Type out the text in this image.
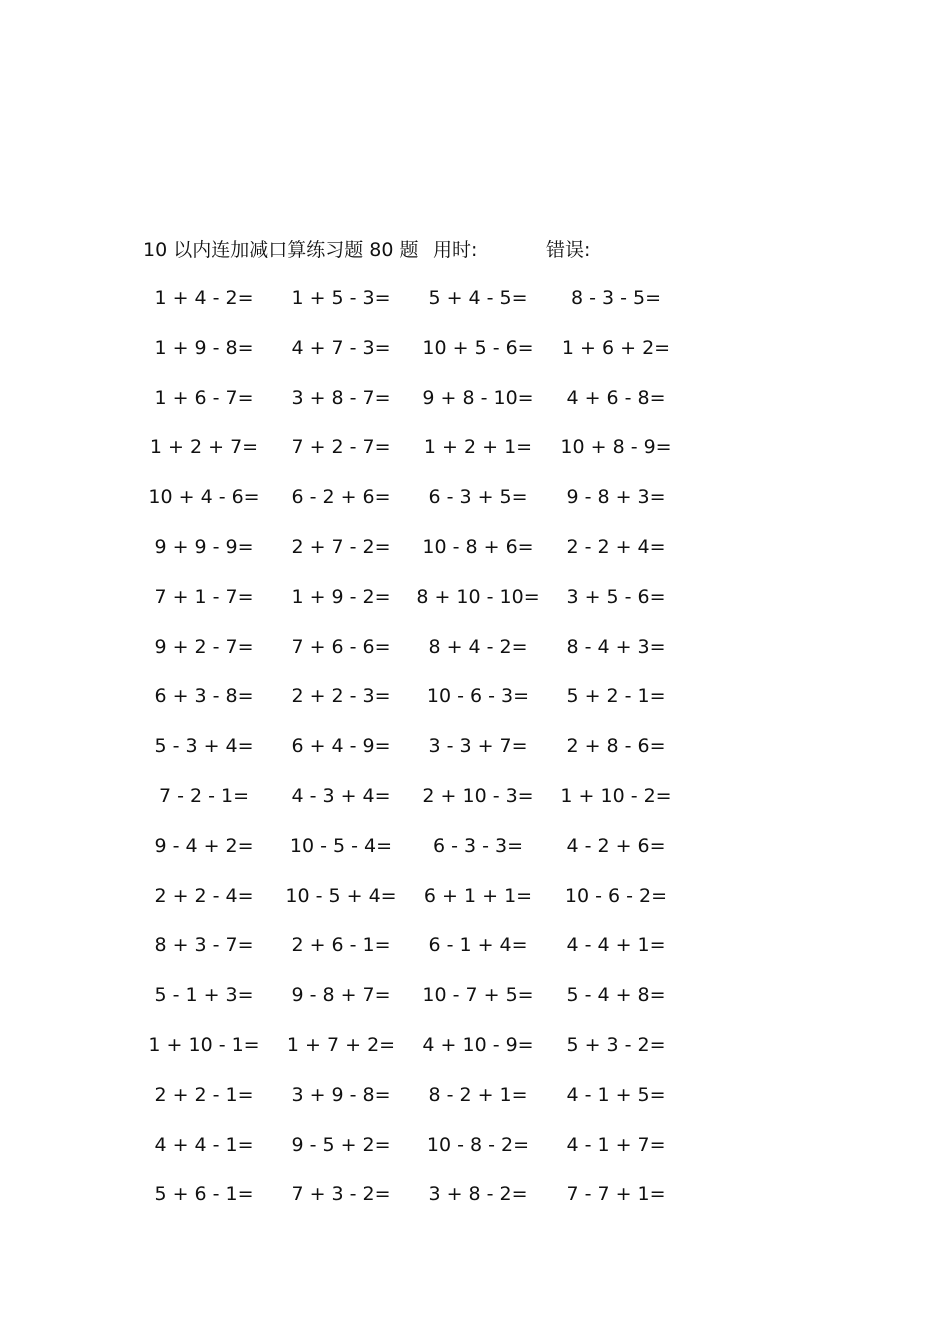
10 以内连加减口算练习题 80 题 用时:	错误:
1 + 4 - 2=	1 + 5 - 3=	5 + 4 - 5=	8 - 3 - 5=
1 + 9 - 8=	4 + 7 - 3=	10 + 5 - 6=	1 + 6 + 2=
1 + 6 - 7=	3 + 8 - 7=	9 + 8 - 10=	4 + 6 - 8=
1 + 2 + 7=	7 + 2 - 7=	1 + 2 + 1=	10 + 8 - 9=
10 + 4 - 6=	6 - 2 + 6=	6 - 3 + 5=	9 - 8 + 3=
9 + 9 - 9=	2 + 7 - 2=	10 - 8 + 6=	2 - 2 + 4=
7 + 1 - 7=	1 + 9 - 2=	8 + 10 - 10=	3 + 5 - 6=
9 + 2 - 7=	7 + 6 - 6=	8 + 4 - 2=	8 - 4 + 3=
6 + 3 - 8=	2 + 2 - 3=	10 - 6 - 3=	5 + 2 - 1=
5 - 3 + 4=	6 + 4 - 9=	3 - 3 + 7=	2 + 8 - 6=
7 - 2 - 1=	4 - 3 + 4=	2 + 10 - 3=	1 + 10 - 2=
9 - 4 + 2=	10 - 5 - 4=	6 - 3 - 3=	4 - 2 + 6=
2 + 2 - 4=	10 - 5 + 4=	6 + 1 + 1=	10 - 6 - 2=
8 + 3 - 7=	2 + 6 - 1=	6 - 1 + 4=	4 - 4 + 1=
5 - 1 + 3=	9 - 8 + 7=	10 - 7 + 5=	5 - 4 + 8=
1 + 10 - 1=	1 + 7 + 2=	4 + 10 - 9=	5 + 3 - 2=
2 + 2 - 1=	3 + 9 - 8=	8 - 2 + 1=	4 - 1 + 5=
4 + 4 - 1=	9 - 5 + 2=	10 - 8 - 2=	4 - 1 + 7=
5 + 6 - 1=	7 + 3 - 2=	3 + 8 - 2=	7 - 7 + 1=
